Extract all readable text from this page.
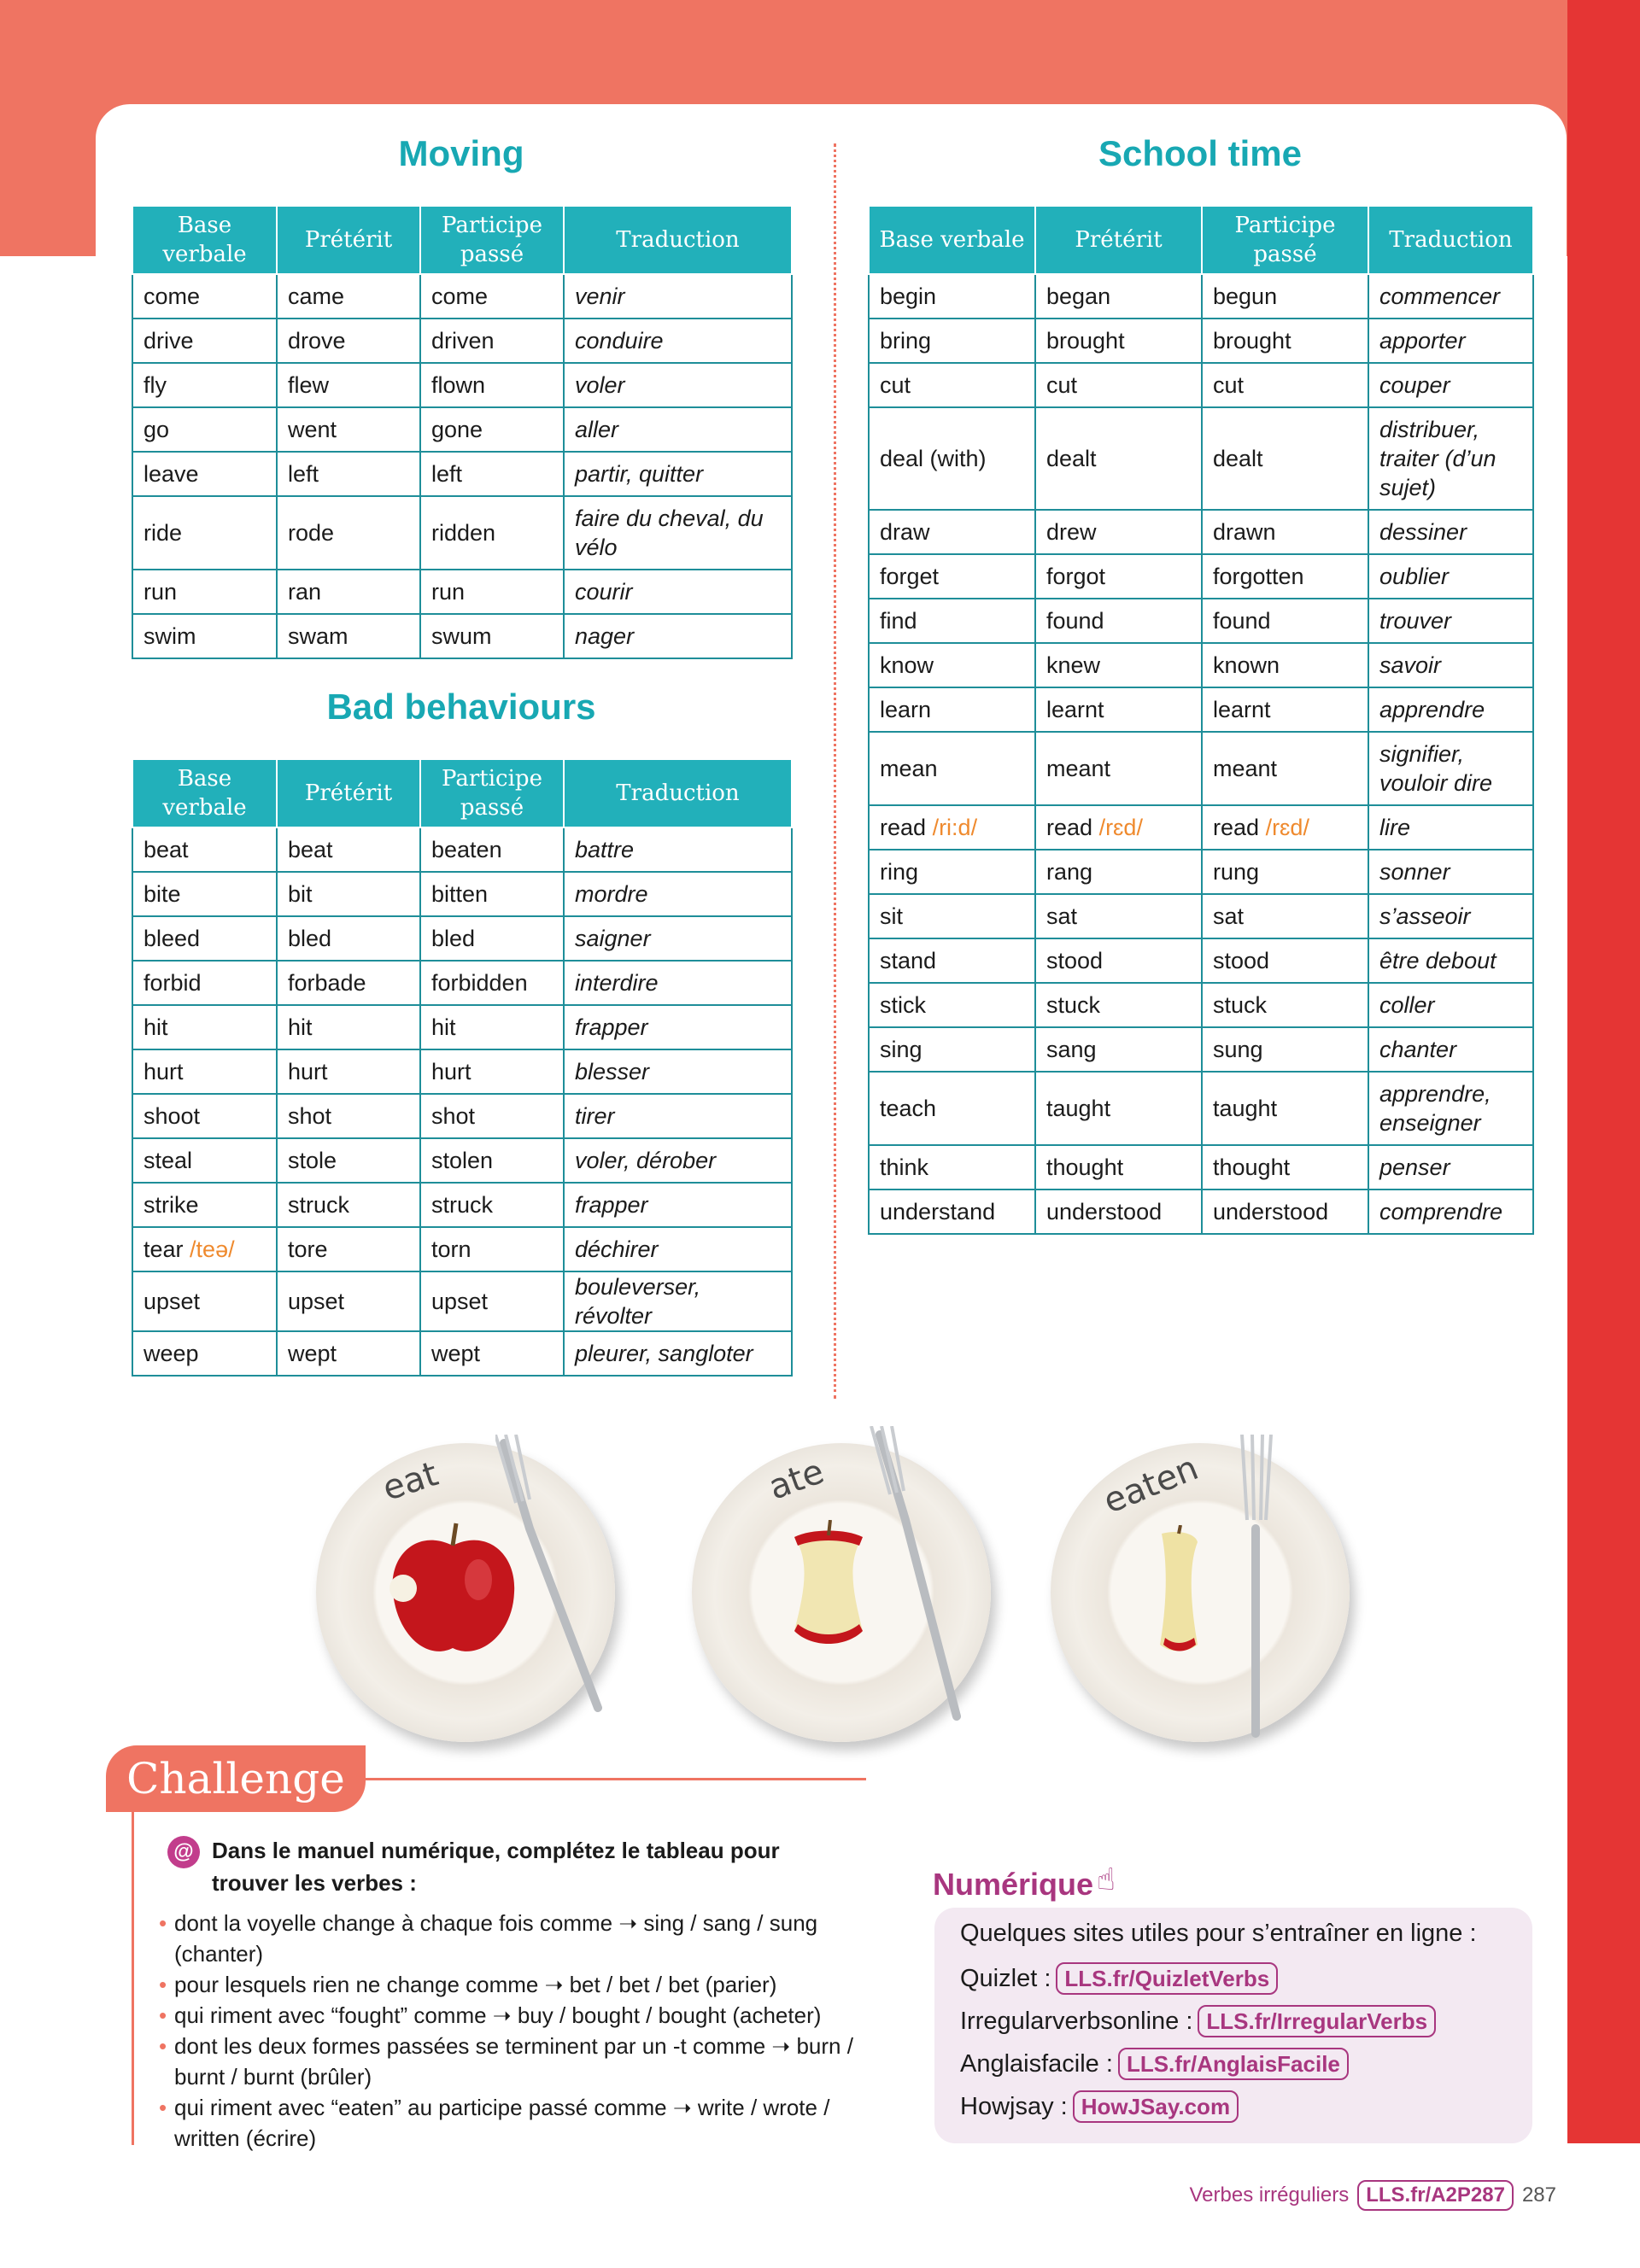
Moving
Base verbale	Prétérit	Participe passé	Traduction
come	came	come	venir
drive	drove	driven	conduire
fly	flew	flown	voler
go	went	gone	aller
leave	left	left	partir, quitter
ride	rode	ridden	faire du cheval, du vélo
run	ran	run	courir
swim	swam	swum	nager
Bad behaviours
Base verbale	Prétérit	Participe passé	Traduction
beat	beat	beaten	battre
bite	bit	bitten	mordre
bleed	bled	bled	saigner
forbid	forbade	forbidden	interdire
hit	hit	hit	frapper
hurt	hurt	hurt	blesser
shoot	shot	shot	tirer
steal	stole	stolen	voler, dérober
strike	struck	struck	frapper
tear /teə/	tore	torn	déchirer
upset	upset	upset	bouleverser, révolter
weep	wept	wept	pleurer, sangloter
School time
Base verbale	Prétérit	Participe passé	Traduction
begin	began	begun	commencer
bring	brought	brought	apporter
cut	cut	cut	couper
deal (with)	dealt	dealt	distribuer, traiter (d’un sujet)
draw	drew	drawn	dessiner
forget	forgot	forgotten	oublier
find	found	found	trouver
know	knew	known	savoir
learn	learnt	learnt	apprendre
mean	meant	meant	signifier, vouloir dire
read /ri:d/	read /rɛd/	read /rɛd/	lire
ring	rang	rung	sonner
sit	sat	sat	s’asseoir
stand	stood	stood	être debout
stick	stuck	stuck	coller
sing	sang	sung	chanter
teach	taught	taught	apprendre, enseigner
think	thought	thought	penser
understand	understood	understood	comprendre
eat	ate	eaten
Challenge
@ Dans le manuel numérique, complétez le tableau pour trouver les verbes :

• dont la voyelle change à chaque fois comme ➝ sing / sang / sung (chanter)
• pour lesquels rien ne change comme ➝ bet / bet / bet (parier)
• qui riment avec “fought” comme ➝ buy / bought / bought (acheter)
• dont les deux formes passées se terminent par un -t comme ➝ burn / burnt / burnt (brûler)
• qui riment avec “eaten” au participe passé comme ➝ write / wrote / written (écrire)
Numérique ☝

Quelques sites utiles pour s’entraîner en ligne :

Quizlet : LLS.fr/QuizletVerbs
Irregularverbsonline : LLS.fr/IrregularVerbs
Anglaisfacile : LLS.fr/AnglaisFacile
Howjsay : HowJSay.com
Verbes irréguliers LLS.fr/A2P287 287
